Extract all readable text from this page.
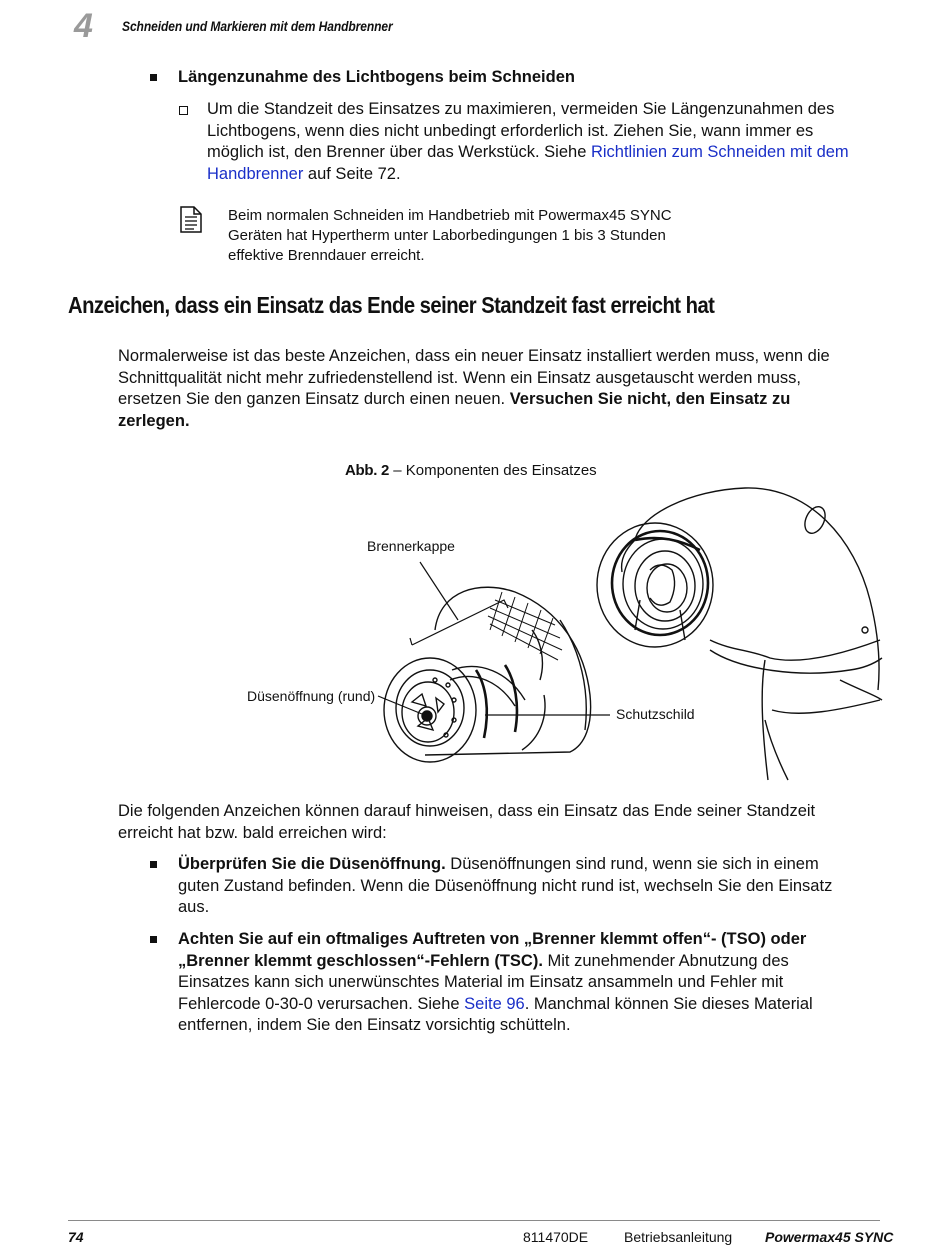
4 Schneiden und Markieren mit dem Handbrenner
Längenzunahme des Lichtbogens beim Schneiden
Um die Standzeit des Einsatzes zu maximieren, vermeiden Sie Längenzunahmen des
Lichtbogens, wenn dies nicht unbedingt erforderlich ist. Ziehen Sie, wann immer es
möglich ist, den Brenner über das Werkstück. Siehe Richtlinien zum Schneiden mit dem
Handbrenner auf Seite 72.
Beim normalen Schneiden im Handbetrieb mit Powermax45 SYNC
Geräten hat Hypertherm unter Laborbedingungen 1 bis 3 Stunden
effektive Brenndauer erreicht.
Anzeichen, dass ein Einsatz das Ende seiner Standzeit fast erreicht hat
Normalerweise ist das beste Anzeichen, dass ein neuer Einsatz installiert werden muss, wenn die
Schnittqualität nicht mehr zufriedenstellend ist. Wenn ein Einsatz ausgetauscht werden muss,
ersetzen Sie den ganzen Einsatz durch einen neuen. Versuchen Sie nicht, den Einsatz zu
zerlegen.
Abb. 2 – Komponenten des Einsatzes
Brennerkappe
Düsenöffnung (rund)
Schutzschild
Die folgenden Anzeichen können darauf hinweisen, dass ein Einsatz das Ende seiner Standzeit
erreicht hat bzw. bald erreichen wird:
Überprüfen Sie die Düsenöffnung. Düsenöffnungen sind rund, wenn sie sich in einem
guten Zustand befinden. Wenn die Düsenöffnung nicht rund ist, wechseln Sie den Einsatz
aus.
Achten Sie auf ein oftmaliges Auftreten von „Brenner klemmt offen“- (TSO) oder
„Brenner klemmt geschlossen“-Fehlern (TSC). Mit zunehmender Abnutzung des
Einsatzes kann sich unerwünschtes Material im Einsatz ansammeln und Fehler mit
Fehlercode 0-30-0 verursachen. Siehe Seite 96. Manchmal können Sie dieses Material
entfernen, indem Sie den Einsatz vorsichtig schütteln.
74	811470DE	Betriebsanleitung Powermax45 SYNC
